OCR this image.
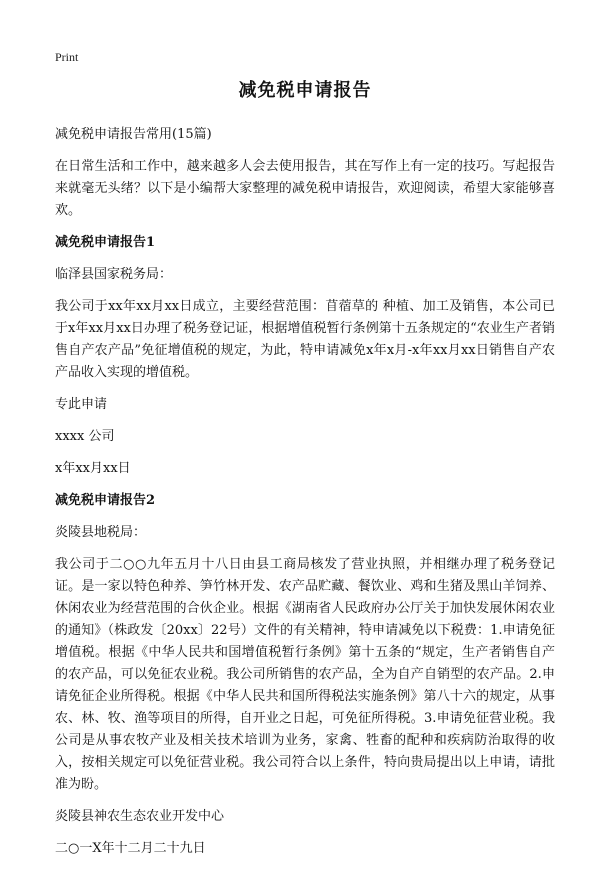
Print
减免税申请报告

减免税申请报告常用(15篇)

在日常生活和工作中，越来越多人会去使用报告，其在写作上有一定的技巧。写起报告来就毫无头绪？以下是小编帮大家整理的减免税申请报告，欢迎阅读，希望大家能够喜欢。

减免税申请报告1

临泽县国家税务局：

我公司于xx年xx月xx日成立，主要经营范围：苜蓿草的 种植、加工及销售，本公司已于x年xx月xx日办理了税务登记证，根据增值税暂行条例第十五条规定的“农业生产者销售自产农产品”免征增值税的规定，为此，特申请减免x年x月-x年xx月xx日销售自产农产品收入实现的增值税。

专此申请

xxxx 公司

x年xx月xx日

减免税申请报告2

炎陵县地税局：

我公司于二○○九年五月十八日由县工商局核发了营业执照，并相继办理了税务登记证。是一家以特色种养、笋竹林开发、农产品贮藏、餐饮业、鸡和生猪及黑山羊饲养、休闲农业为经营范围的合伙企业。根据《湖南省人民政府办公厅关于加快发展休闲农业的通知》（株政发〔20xx〕22号）文件的有关精神，特申请减免以下税费：1.申请免征增值税。根据《中华人民共和国增值税暂行条例》第十五条的“规定，生产者销售自产的农产品，可以免征农业税。我公司所销售的农产品，全为自产自销型的农产品。2.申请免征企业所得税。根据《中华人民共和国所得税法实施条例》第八十六的规定，从事农、林、牧、渔等项目的所得，自开业之日起，可免征所得税。3.申请免征营业税。我公司是从事农牧产业及相关技术培训为业务，家禽、牲畜的配种和疾病防治取得的收入，按相关规定可以免征营业税。我公司符合以上条件，特向贵局提出以上申请，请批准为盼。

炎陵县神农生态农业开发中心

二○一X年十二月二十九日
